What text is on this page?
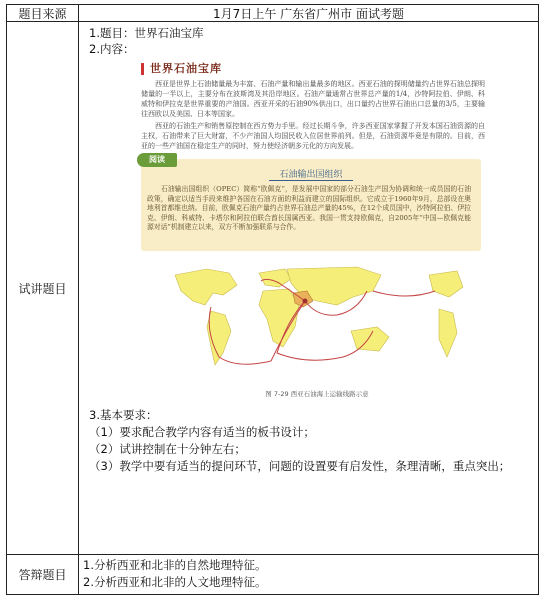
题目来源	1月7日上午 广东省广州市 面试考题
试讲题目
1.题目：世界石油宝库
2.内容：
世界石油宝库

西亚是世界上石油储量最为丰富、石油产量和输出量最多的地区。西亚石油的探明储量约占世界石油总探明储量的一半以上，主要分布在波斯湾及其沿岸地区。石油产量通常占世界总产量的1/4，沙特阿拉伯、伊朗、科威特和伊拉克是世界重要的产油国。西亚开采的石油90%供出口，出口量约占世界石油出口总量的3/5，主要输往西欧以及美国、日本等国家。

西亚的石油生产和销售原控制在西方势力手里。经过长期斗争，许多西亚国家掌握了开发本国石油资源的自主权，石油带来了巨大财富，不少产油国人均国民收入位居世界前列。但是，石油资源毕竟是有限的。目前，西亚的一些产油国在稳定生产的同时，努力使经济朝多元化的方向发展。

阅读
石油输出国组织

石油输出国组织（OPEC）简称“欧佩克”，是发展中国家的部分石油生产国为协调和统一成员国的石油政策，确定以适当手段来维护各国在石油方面的利益而建立的国际组织。它成立于1960年9月，总部设在奥地利首都维也纳。目前，欧佩克石油产量约占世界石油总产量的45%，在12个成员国中，沙特阿拉伯、伊拉克、伊朗、科威特、卡塔尔和阿拉伯联合酋长国属西亚。我国一贯支持欧佩克，自2005年“中国—欧佩克能源对话”机制建立以来，双方不断加强联系与合作。

图 7-29 西亚石油海上运输线路示意
3.基本要求：
（1）要求配合教学内容有适当的板书设计；
（2）试讲控制在十分钟左右；
（3）教学中要有适当的提问环节，问题的设置要有启发性，条理清晰，重点突出；
答辩题目
1.分析西亚和北非的自然地理特征。
2.分析西亚和北非的人文地理特征。
